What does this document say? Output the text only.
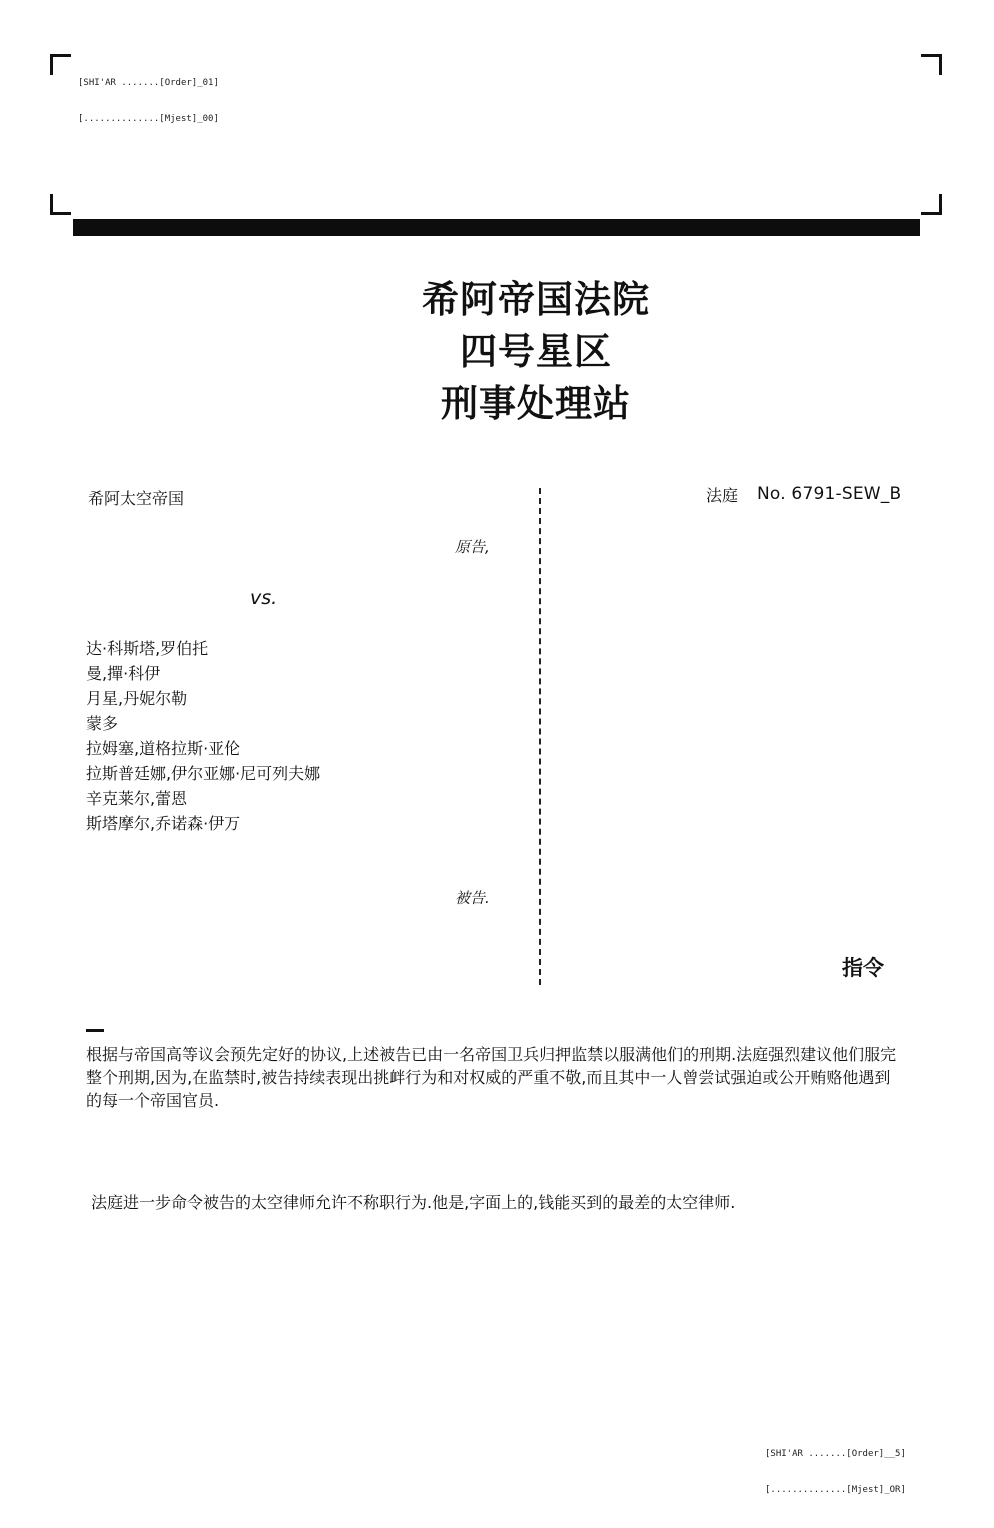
[SHI'AR .......[Order]_01]

[..............[Mjest]_00]

希阿帝国法院
四号星区
刑事处理站
希阿太空帝国
原告,
vs.
达·科斯塔,罗伯托
曼,撣·科伊
月星,丹妮尔勒
蒙多
拉姆塞,道格拉斯·亚伦
拉斯普廷娜,伊尔亚娜·尼可列夫娜
辛克莱尔,蕾恩
斯塔摩尔,乔诺森·伊万
被告.
法庭 No. 6791-SEW_B
指令

根据与帝国高等议会预先定好的协议,上述被告已由一名帝国卫兵归押监禁以服满他们的刑期.法庭强烈建议他们服完整个刑期,因为,在监禁时,被告持续表现出挑衅行为和对权威的严重不敬,而且其中一人曾尝试强迫或公开贿赂他遇到的每一个帝国官员.

法庭进一步命令被告的太空律师允许不称职行为.他是,字面上的,钱能买到的最差的太空律师.

[SHI'AR .......[Order]__5]

[..............[Mjest]_OR]
